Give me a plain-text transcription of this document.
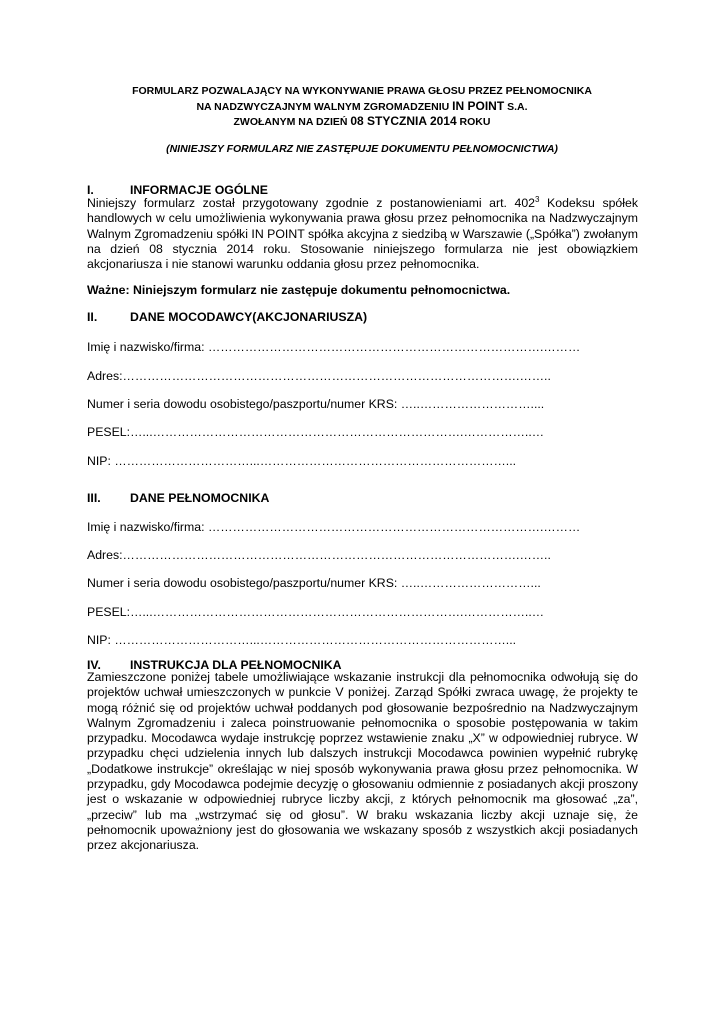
FORMULARZ POZWALAJĄCY NA WYKONYWANIE PRAWA GŁOSU PRZEZ PEŁNOMOCNIKA
NA NADZWYCZAJNYM WALNYM ZGROMADZENIU IN POINT S.A.
ZWOŁANYM NA DZIEŃ 08 STYCZNIA 2014 ROKU
(NINIEJSZY FORMULARZ NIE ZASTĘPUJE DOKUMENTU PEŁNOMOCNICTWA)
I.	INFORMACJE OGÓLNE
Niniejszy formularz został przygotowany zgodnie z postanowieniami art. $402^3$ Kodeksu spółek handlowych w celu umożliwienia wykonywania prawa głosu przez pełnomocnika na Nadzwyczajnym Walnym Zgromadzeniu spółki IN POINT spółka akcyjna z siedzibą w Warszawie („Spółka”) zwołanym na dzień 08 stycznia 2014 roku. Stosowanie niniejszego formularza nie jest obowiązkiem akcjonariusza i nie stanowi warunku oddania głosu przez pełnomocnika.
Ważne: Niniejszym formularz nie zastępuje dokumentu pełnomocnictwa.
II.	DANE MOCODAWCY(AKCJONARIUSZA)
Imię i nazwisko/firma: ……………………………………………………………………….………
Adres:…………………………………………………………………………………….……..
Numer i seria dowodu osobistego/paszportu/numer KRS: …..………………………....
PESEL:…...………………………………………………………………….……………..…
NIP: ……………………………...……………………………………………………...
III. DANE PEŁNOMOCNIKA
Imię i nazwisko/firma: ……………………………………………………………………….………
Adres:…………………………………………………………………………………….……..
Numer i seria dowodu osobistego/paszportu/numer KRS: …..………………………...
PESEL:…...………………………………………………………………….……………..…
NIP: ……………………………...……………………………………………………...
IV. INSTRUKCJA DLA PEŁNOMOCNIKA
Zamieszczone poniżej tabele umożliwiające wskazanie instrukcji dla pełnomocnika odwołują się do projektów uchwał umieszczonych w punkcie V poniżej. Zarząd Spółki zwraca uwagę, że projekty te mogą różnić się od projektów uchwał poddanych pod głosowanie bezpośrednio na Nadzwyczajnym Walnym Zgromadzeniu i zaleca poinstruowanie pełnomocnika o sposobie postępowania w takim przypadku. Mocodawca wydaje instrukcję poprzez wstawienie znaku „X” w odpowiedniej rubryce. W przypadku chęci udzielenia innych lub dalszych instrukcji Mocodawca powinien wypełnić rubrykę „Dodatkowe instrukcje” określając w niej sposób wykonywania prawa głosu przez pełnomocnika. W przypadku, gdy Mocodawca podejmie decyzję o głosowaniu odmiennie z posiadanych akcji proszony jest o wskazanie w odpowiedniej rubryce liczby akcji, z których pełnomocnik ma głosować „za”, „przeciw” lub ma „wstrzymać się od głosu”. W braku wskazania liczby akcji uznaje się, że pełnomocnik upoważniony jest do głosowania we wskazany sposób z wszystkich akcji posiadanych przez akcjonariusza.
